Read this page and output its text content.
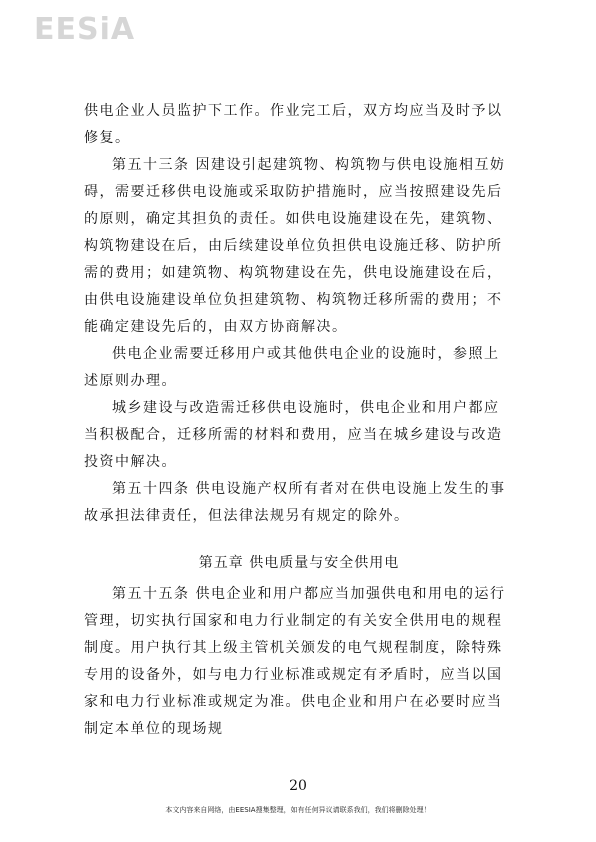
EESiA

供电企业人员监护下工作。作业完工后，双方均应当及时予以修复。

第五十三条 因建设引起建筑物、构筑物与供电设施相互妨碍，需要迁移供电设施或采取防护措施时，应当按照建设先后的原则，确定其担负的责任。如供电设施建设在先，建筑物、构筑物建设在后，由后续建设单位负担供电设施迁移、防护所需的费用；如建筑物、构筑物建设在先，供电设施建设在后，由供电设施建设单位负担建筑物、构筑物迁移所需的费用；不能确定建设先后的，由双方协商解决。

供电企业需要迁移用户或其他供电企业的设施时，参照上述原则办理。

城乡建设与改造需迁移供电设施时，供电企业和用户都应当积极配合，迁移所需的材料和费用，应当在城乡建设与改造投资中解决。

第五十四条 供电设施产权所有者对在供电设施上发生的事故承担法律责任，但法律法规另有规定的除外。

第五章 供电质量与安全供用电

第五十五条 供电企业和用户都应当加强供电和用电的运行管理，切实执行国家和电力行业制定的有关安全供用电的规程制度。用户执行其上级主管机关颁发的电气规程制度，除特殊专用的设备外，如与电力行业标准或规定有矛盾时，应当以国家和电力行业标准或规定为准。供电企业和用户在必要时应当制定本单位的现场规

20
本文内容来自网络，由EESIA搜集整理，如有任何异议请联系我们，我们将删除处理！
